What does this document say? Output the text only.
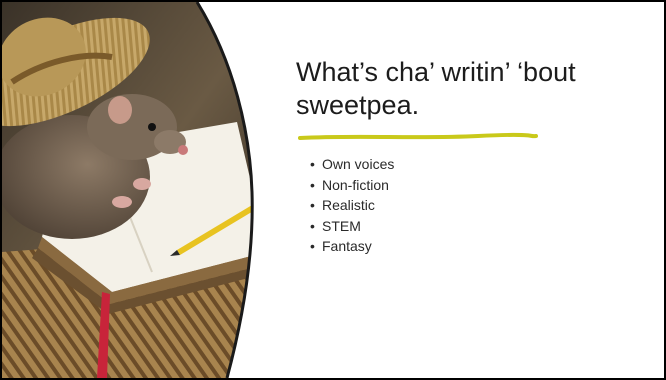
What’s cha’ writin’ ‘bout sweetpea.
• Own voices
• Non-fiction
• Realistic
• STEM
• Fantasy
